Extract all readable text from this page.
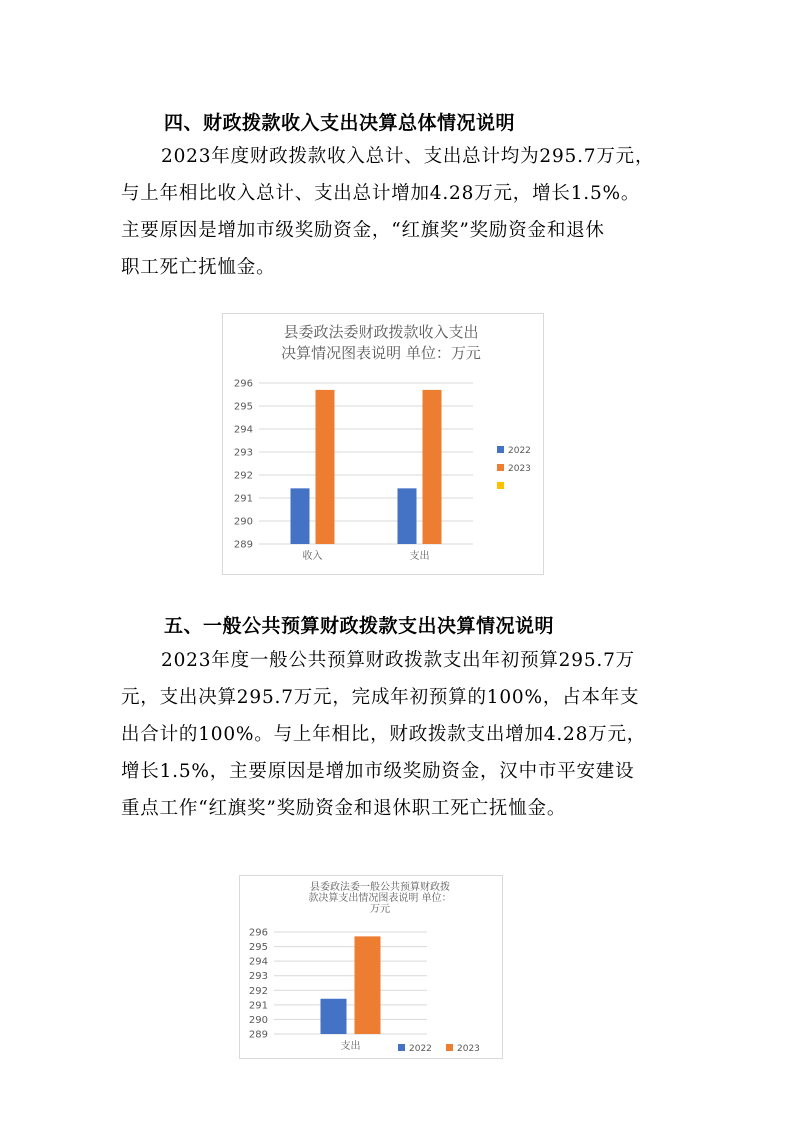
四、财政拨款收入支出决算总体情况说明

2023年度财政拨款收入总计、支出总计均为295.7万元，

与上年相比收入总计、支出总计增加4.28万元，增长1.5%。

主要原因是增加市级奖励资金，“红旗奖”奖励资金和退休

职工死亡抚恤金。

县委政法委财政拨款收入支出
决算情况图表说明 单位：万元
289
290
291
292
293
294
295
296
收入	支出
2022
2023
五、一般公共预算财政拨款支出决算情况说明

2023年度一般公共预算财政拨款支出年初预算295.7万

元，支出决算295.7万元，完成年初预算的100%，占本年支

出合计的100%。与上年相比，财政拨款支出增加4.28万元，

增长1.5%，主要原因是增加市级奖励资金，汉中市平安建设

重点工作“红旗奖”奖励资金和退休职工死亡抚恤金。

县委政法委一般公共预算财政拨
款决算支出情况图表说明 单位：
万元
289
290
291
292
293
294
295
296
支出	2022	2023
